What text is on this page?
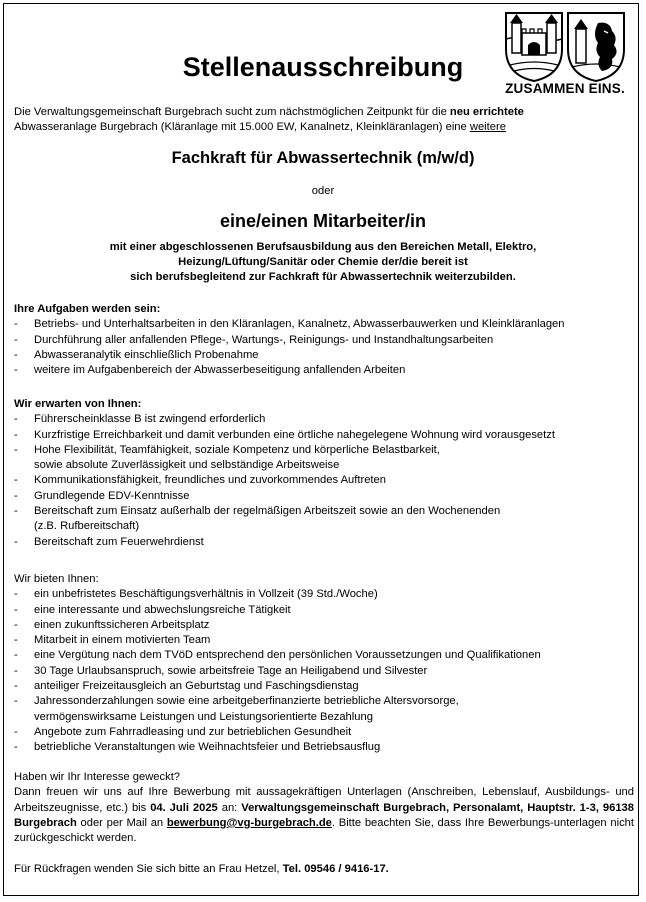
ZUSAMMEN EINS.
Stellenausschreibung
Die Verwaltungsgemeinschaft Burgebrach sucht zum nächstmöglichen Zeitpunkt für die neu errichtete
Abwasseranlage Burgebrach (Kläranlage mit 15.000 EW, Kanalnetz, Kleinkläranlagen) eine weitere
Fachkraft für Abwassertechnik (m/w/d)
oder
eine/einen Mitarbeiter/in
mit einer abgeschlossenen Berufsausbildung aus den Bereichen Metall, Elektro,
Heizung/Lüftung/Sanitär oder Chemie der/die bereit ist
sich berufsbegleitend zur Fachkraft für Abwassertechnik weiterzubilden.
Ihre Aufgaben werden sein:
- Betriebs- und Unterhaltsarbeiten in den Kläranlagen, Kanalnetz, Abwasserbauwerken und Kleinkläranlagen
- Durchführung aller anfallenden Pflege-, Wartungs-, Reinigungs- und Instandhaltungsarbeiten
- Abwasseranalytik einschließlich Probenahme
- weitere im Aufgabenbereich der Abwasserbeseitigung anfallenden Arbeiten
Wir erwarten von Ihnen:
- Führerscheinklasse B ist zwingend erforderlich
- Kurzfristige Erreichbarkeit und damit verbunden eine örtliche nahegelegene Wohnung wird vorausgesetzt
- Hohe Flexibilität, Teamfähigkeit, soziale Kompetenz und körperliche Belastbarkeit,
sowie absolute Zuverlässigkeit und selbständige Arbeitsweise
- Kommunikationsfähigkeit, freundliches und zuvorkommendes Auftreten
- Grundlegende EDV-Kenntnisse
- Bereitschaft zum Einsatz außerhalb der regelmäßigen Arbeitszeit sowie an den Wochenenden
(z.B. Rufbereitschaft)
- Bereitschaft zum Feuerwehrdienst
Wir bieten Ihnen:
- ein unbefristetes Beschäftigungsverhältnis in Vollzeit (39 Std./Woche)
- eine interessante und abwechslungsreiche Tätigkeit
- einen zukunftssicheren Arbeitsplatz
- Mitarbeit in einem motivierten Team
- eine Vergütung nach dem TVöD entsprechend den persönlichen Voraussetzungen und Qualifikationen
- 30 Tage Urlaubsanspruch, sowie arbeitsfreie Tage an Heiligabend und Silvester
- anteiliger Freizeitausgleich an Geburtstag und Faschingsdienstag
- Jahressonderzahlungen sowie eine arbeitgeberfinanzierte betriebliche Altersvorsorge,
vermögenswirksame Leistungen und Leistungsorientierte Bezahlung
- Angebote zum Fahrradleasing und zur betrieblichen Gesundheit
- betriebliche Veranstaltungen wie Weihnachtsfeier und Betriebsausflug

Haben wir Ihr Interesse geweckt?

Dann freuen wir uns auf Ihre Bewerbung mit aussagekräftigen Unterlagen (Anschreiben, Lebenslauf, Ausbildungs- und Arbeitszeugnisse, etc.) bis 04. Juli 2025 an: Verwaltungsgemeinschaft Burgebrach, Personalamt, Hauptstr. 1-3, 96138 Burgebrach oder per Mail an bewerbung@vg-burgebrach.de. Bitte beachten Sie, dass Ihre Bewerbungs-unterlagen nicht zurückgeschickt werden.

Für Rückfragen wenden Sie sich bitte an Frau Hetzel, Tel. 09546 / 9416-17.
